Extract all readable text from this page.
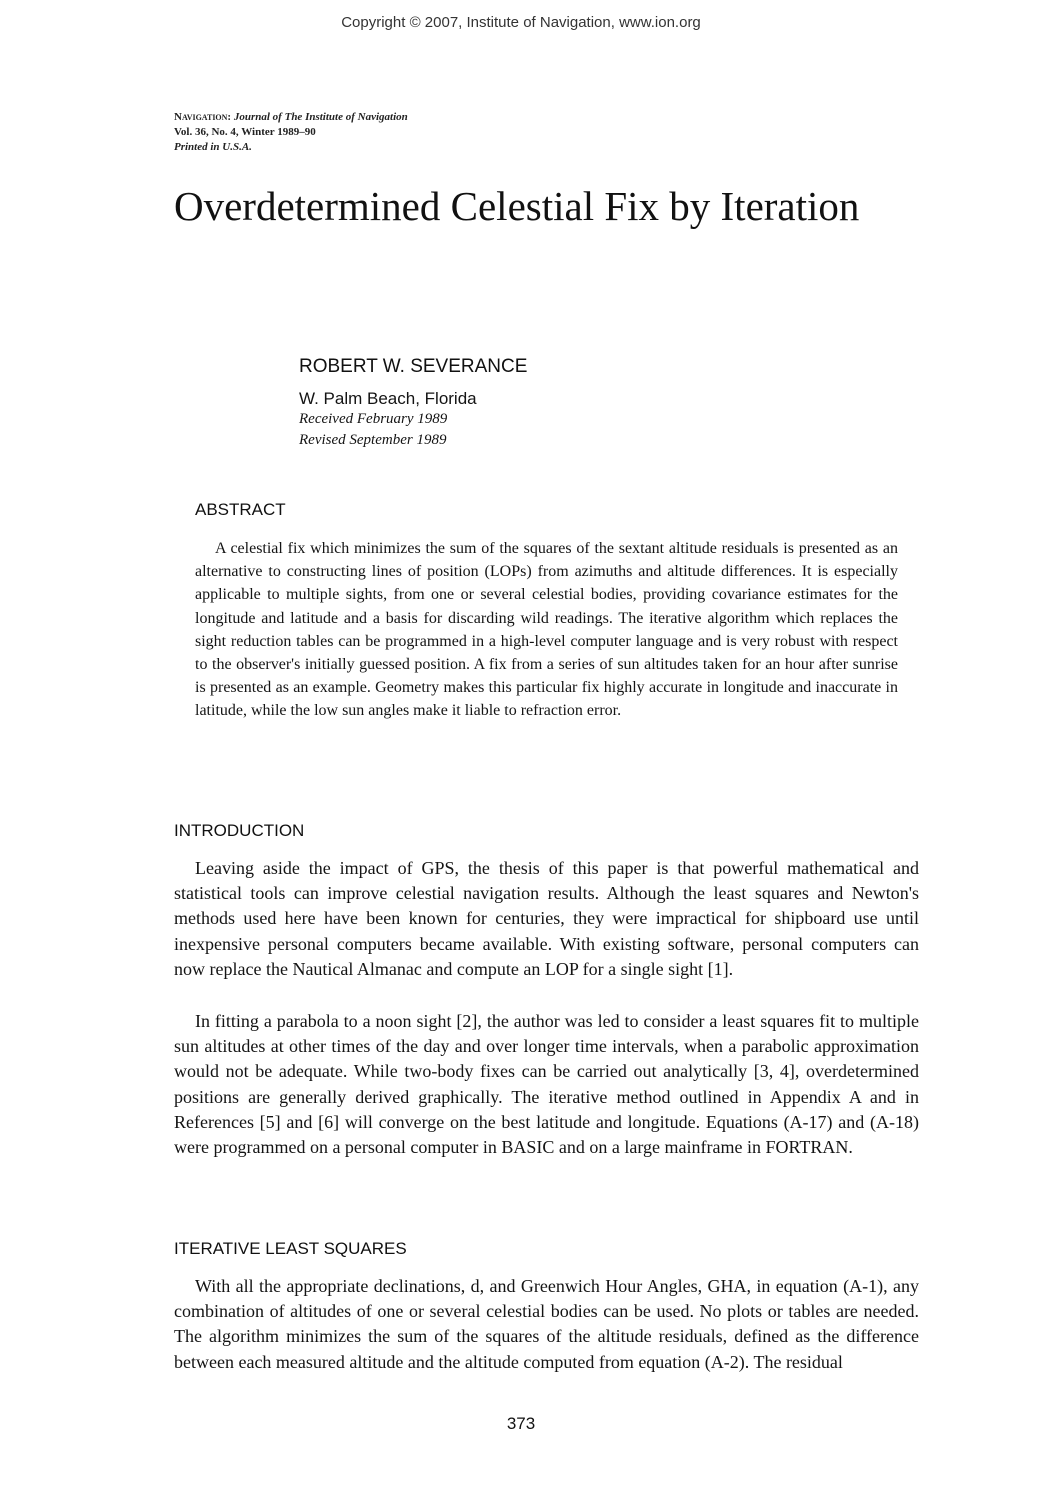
Copyright © 2007, Institute of Navigation, www.ion.org
Navigation: Journal of The Institute of Navigation
Vol. 36, No. 4, Winter 1989–90
Printed in U.S.A.
Overdetermined Celestial Fix by Iteration
ROBERT W. SEVERANCE
W. Palm Beach, Florida
Received February 1989
Revised September 1989
ABSTRACT

A celestial fix which minimizes the sum of the squares of the sextant altitude residuals is presented as an alternative to constructing lines of position (LOPs) from azimuths and altitude differences. It is especially applicable to multiple sights, from one or several celestial bodies, providing covariance estimates for the longitude and latitude and a basis for discarding wild readings. The iterative algorithm which replaces the sight reduction tables can be programmed in a high-level computer language and is very robust with respect to the observer's initially guessed position. A fix from a series of sun altitudes taken for an hour after sunrise is presented as an example. Geometry makes this particular fix highly accurate in longitude and inaccurate in latitude, while the low sun angles make it liable to refraction error.

INTRODUCTION

Leaving aside the impact of GPS, the thesis of this paper is that powerful mathematical and statistical tools can improve celestial navigation results. Although the least squares and Newton's methods used here have been known for centuries, they were impractical for shipboard use until inexpensive personal computers became available. With existing software, personal computers can now replace the Nautical Almanac and compute an LOP for a single sight [1].

In fitting a parabola to a noon sight [2], the author was led to consider a least squares fit to multiple sun altitudes at other times of the day and over longer time intervals, when a parabolic approximation would not be adequate. While two-body fixes can be carried out analytically [3, 4], overdetermined positions are generally derived graphically. The iterative method outlined in Appendix A and in References [5] and [6] will converge on the best latitude and longitude. Equations (A-17) and (A-18) were programmed on a personal computer in BASIC and on a large mainframe in FORTRAN.

ITERATIVE LEAST SQUARES

With all the appropriate declinations, d, and Greenwich Hour Angles, GHA, in equation (A-1), any combination of altitudes of one or several celestial bodies can be used. No plots or tables are needed. The algorithm minimizes the sum of the squares of the altitude residuals, defined as the difference between each measured altitude and the altitude computed from equation (A-2). The residual

373
